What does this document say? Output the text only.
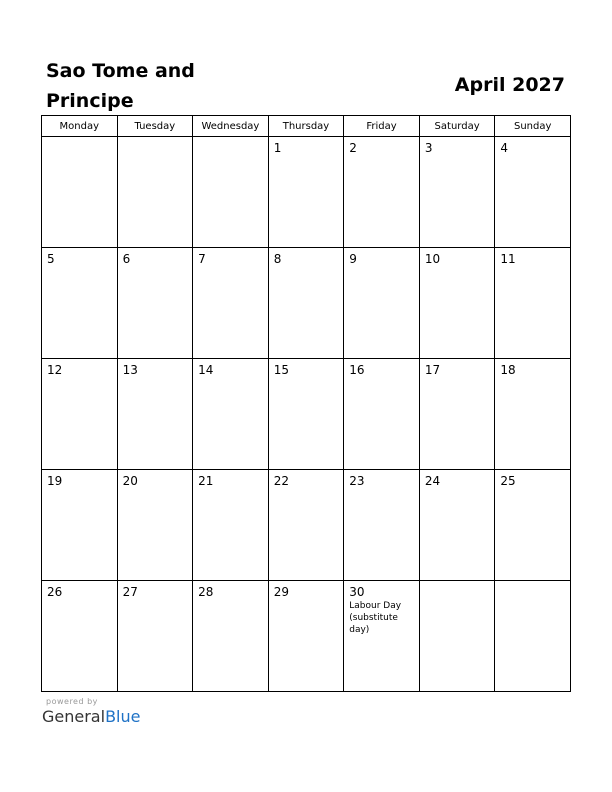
Sao Tome and Principe
April 2027
Monday	Tuesday	Wednesday	Thursday	Friday	Saturday	Sunday

			1	2	3	4

5	6	7	8	9	10	11

12	13	14	15	16	17	18

19	20	21	22	23	24	25

26	27	28	29	30
Labour Day (substitute day)		

powered by
GeneralBlue
